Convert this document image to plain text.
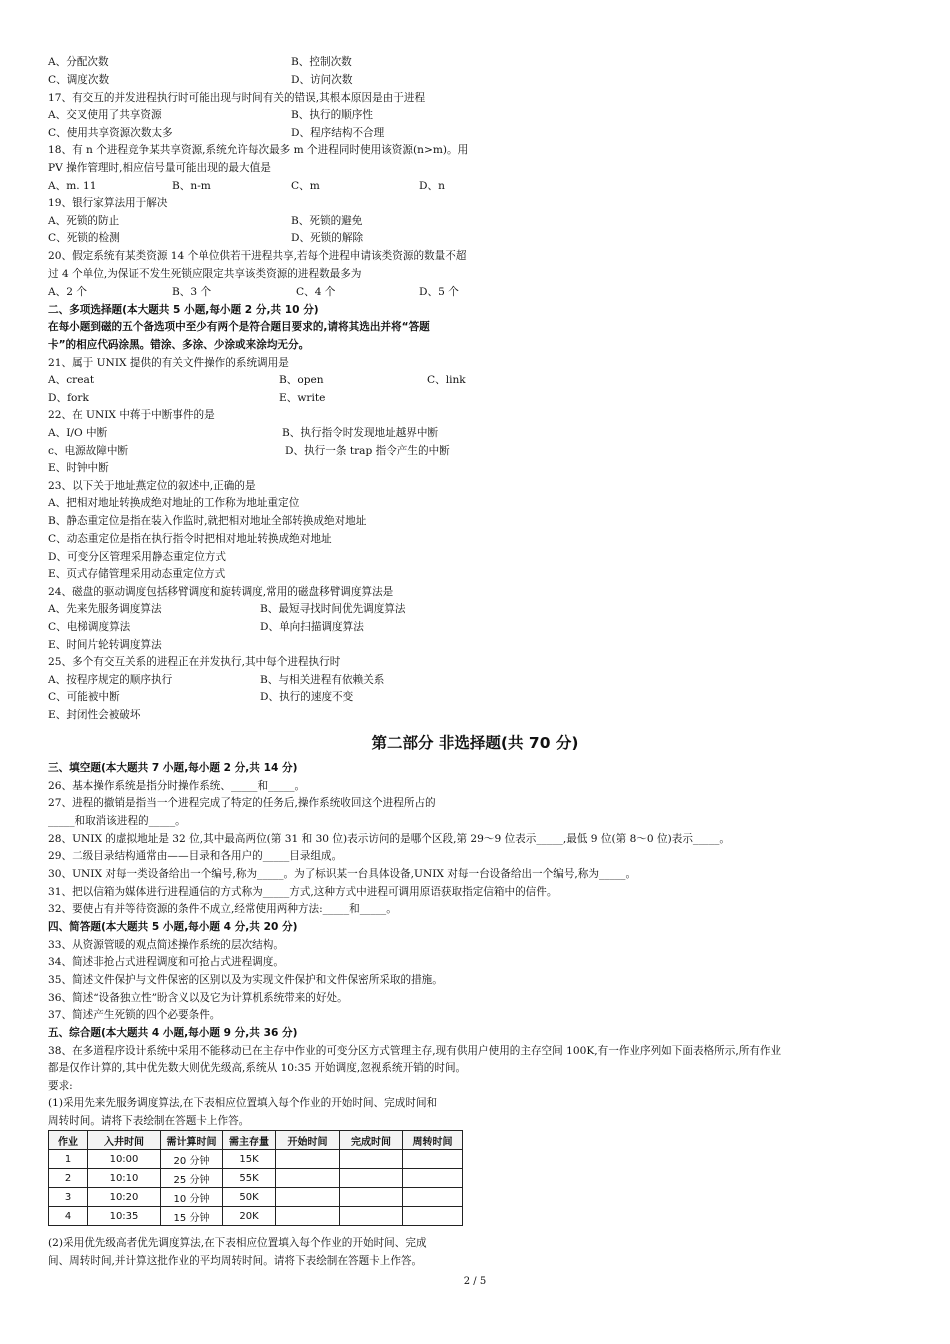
A、分配次数	B、控制次数
C、调度次数	D、访问次数
17、有交互的并发进程执行时可能出现与时间有关的错误,其根本原因是由于进程
A、交叉使用了共享资源	B、执行的顺序性
C、使用共享资源次数太多	D、程序结构不合理
18、有 n 个进程竞争某共享资源,系统允许每次最多 m 个进程同时使用该资源(n>m)。用
PV 操作管理时,相应信号量可能出现的最大值是
A、m. 11	B、n-m	C、m	D、n
19、银行家算法用于解决
A、死锁的防止	B、死锁的避免
C、死锁的检测	D、死锁的解除
20、假定系统有某类资源 14 个单位供若干进程共享,若每个进程申请该类资源的数量不超
过 4 个单位,为保证不发生死锁应限定共享该类资源的进程数最多为
A、2 个	B、3 个	C、4 个	D、5 个
二、多项选择题(本大题共 5 小题,每小题 2 分,共 10 分)
在每小题到磁的五个备选项中至少有两个是符合题目要求的,请将其选出并将“答题
卡”的相应代码涂黑。错涂、多涂、少涂或来涂均无分。
21、属于 UNIX 提供的有关文件操作的系统调用是
A、creat	B、open	C、link
D、fork	E、write
22、在 UNIX 中蒋于中断事件的是
A、I/O 中断	B、执行指令时发现地址越界中断
c、电源故障中断	D、执行一条 trap 指令产生的中断
E、时钟中断
23、以下关于地址燕定位的叙述中,正确的是
A、把相对地址转换成绝对地址的工作称为地址重定位
B、静态重定位是指在装入作监时,就把相对地址全部转换成绝对地址
C、动态重定位是指在执行指令时把相对地址转换成绝对地址
D、可变分区管理采用静态重定位方式
E、页式存储管理采用动态重定位方式
24、磁盘的驱动调度包括移臂调度和旋转调度,常用的磁盘移臂调度算法是
A、先来先服务调度算法	B、最短寻找时间优先调度算法
C、电梯调度算法	D、单向扫描调度算法
E、时间片轮转调度算法
25、多个有交互关系的进程正在并发执行,其中每个进程执行时
A、按程序规定的顺序执行	B、与相关进程有依赖关系
C、可能被中断	D、执行的速度不变
E、封闭性会被破坏
三、填空题(本大题共 7 小题,每小题 2 分,共 14 分)
26、基本操作系统是指分时操作系统、_____和_____。
27、进程的撤销是指当一个进程完成了特定的任务后,操作系统收回这个进程所占的
_____和取消该进程的_____。
28、UNIX 的虚拟地址是 32 位,其中最高两位(第 31 和 30 位)表示访问的是哪个区段,第 29～9 位表示_____,最低 9 位(第 8～0 位)表示_____。
29、二级目录结构通常由——目录和各用户的_____目录组成。
30、UNIX 对每一类设备给出一个编号,称为_____。为了标识某一台具体设备,UNIX 对每一台设备给出一个编号,称为_____。
31、把以信箱为媒体进行进程通信的方式称为_____方式,这种方式中进程可调用原语获取指定信箱中的信件。
32、要使占有并等待资源的条件不成立,经常使用两种方法:_____和_____。
四、简答题(本大题共 5 小题,每小题 4 分,共 20 分)
33、从资源管暖的观点简述操作系统的层次结构。
34、简述非抢占式进程调度和可抢占式进程调度。
35、简述文件保护与文件保密的区别以及为实现文件保护和文件保密所采取的措施。
36、简述“设备独立性”盼含义以及它为计算机系统带来的好处。
37、简述产生死锁的四个必要条件。
五、综合题(本大题共 4 小题,每小题 9 分,共 36 分)
38、在多道程序设计系统中采用不能移动已在主存中作业的可变分区方式管理主存,现有供用户使用的主存空间 100K,有一作业序列如下面表格所示,所有作业
都是仅作计算的,其中优先数大则优先级高,系统从 10:35 开始调度,忽视系统开销的时间。
要求:
(1)采用先来先服务调度算法,在下表相应位置填入每个作业的开始时间、完成时间和
周转时间。请将下表绘制在答题卡上作答。
(2)采用优先级高者优先调度算法,在下表相应位置填入每个作业的开始时间、完成
间、周转时间,并计算这批作业的平均周转时间。请将下表绘制在答题卡上作答。
第二部分 非选择题(共 70 分)
作业	入井时间	需计算时间	需主存量	开始时间	完成时间	周转时间
1	10:00	20 分钟	15K			
2	10:10	25 分钟	55K			
3	10:20	10 分钟	50K			
4	10:35	15 分钟	20K			
2 / 5
